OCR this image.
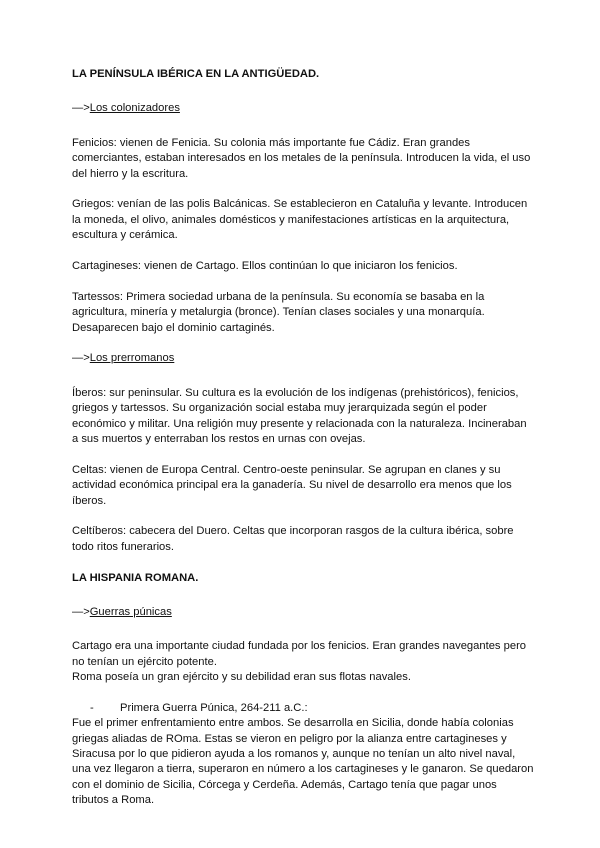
LA PENÍNSULA IBÉRICA EN LA ANTIGÜEDAD.
—>Los colonizadores

Fenicios: vienen de Fenicia. Su colonia más importante fue Cádiz. Eran grandes comerciantes, estaban interesados en los metales de la península. Introducen la vida, el uso del hierro y la escritura.

Griegos: venían de las polis Balcánicas. Se establecieron en Cataluña y levante. Introducen la moneda, el olivo, animales domésticos y manifestaciones artísticas en la arquitectura, escultura y cerámica.

Cartagineses: vienen de Cartago. Ellos continúan lo que iniciaron los fenicios.

Tartessos: Primera sociedad urbana de la península. Su economía se basaba en la agricultura, minería y metalurgia (bronce). Tenían clases sociales y una monarquía. Desaparecen bajo el dominio cartaginés.

—>Los prerromanos

Íberos: sur peninsular. Su cultura es la evolución de los indígenas (prehistóricos), fenicios, griegos y tartessos. Su organización social estaba muy jerarquizada según el poder económico y militar. Una religión muy presente y relacionada con la naturaleza. Incineraban a sus muertos y enterraban los restos en urnas con ovejas.

Celtas: vienen de Europa Central. Centro-oeste peninsular. Se agrupan en clanes y su actividad económica principal era la ganadería. Su nivel de desarrollo era menos que los íberos.

Celtíberos: cabecera del Duero. Celtas que incorporan rasgos de la cultura ibérica, sobre todo ritos funerarios.

LA HISPANIA ROMANA.
—>Guerras púnicas

Cartago era una importante ciudad fundada por los fenicios. Eran grandes navegantes pero no tenían un ejército potente.

Roma poseía un gran ejército y su debilidad eran sus flotas navales.

- Primera Guerra Púnica, 264-211 a.C.:

Fue el primer enfrentamiento entre ambos. Se desarrolla en Sicilia, donde había colonias griegas aliadas de ROma. Estas se vieron en peligro por la alianza entre cartagineses y Siracusa por lo que pidieron ayuda a los romanos y, aunque no tenían un alto nivel naval, una vez llegaron a tierra, superaron en número a los cartagineses y le ganaron. Se quedaron con el dominio de Sicilia, Córcega y Cerdeña. Además, Cartago tenía que pagar unos tributos a Roma.
